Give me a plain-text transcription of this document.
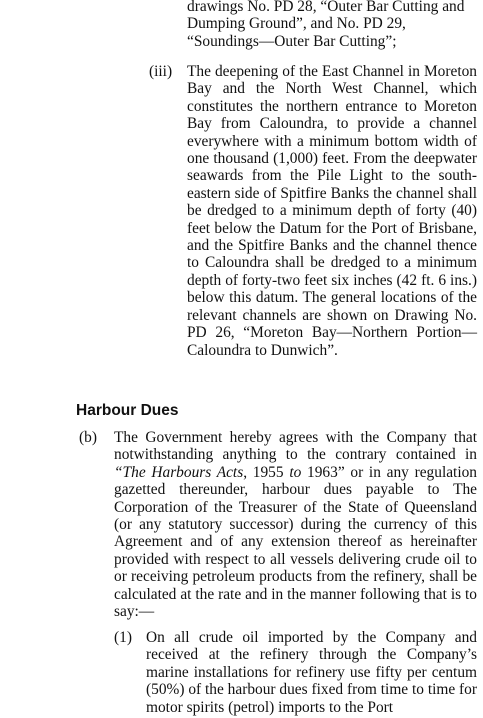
drawings No. PD 28, “Outer Bar Cutting and
Dumping Ground”, and No. PD 29,
“Soundings—Outer Bar Cutting”;

(iii) The deepening of the East Channel in Moreton Bay and the North West Channel, which constitutes the northern entrance to Moreton Bay from Caloundra, to provide a channel everywhere with a minimum bottom width of one thousand (1,000) feet. From the deepwater seawards from the Pile Light to the south-eastern side of Spitfire Banks the channel shall be dredged to a minimum depth of forty (40) feet below the Datum for the Port of Brisbane, and the Spitfire Banks and the channel thence to Caloundra shall be dredged to a minimum depth of forty-two feet six inches (42 ft. 6 ins.) below this datum. The general locations of the relevant channels are shown on Drawing No. PD 26, “Moreton Bay—Northern Portion—Caloundra to Dunwich”.

Harbour Dues

(b) The Government hereby agrees with the Company that notwithstanding anything to the contrary contained in “The Harbours Acts, 1955 to 1963” or in any regulation gazetted thereunder, harbour dues payable to The Corporation of the Treasurer of the State of Queensland (or any statutory successor) during the currency of this Agreement and of any extension thereof as hereinafter provided with respect to all vessels delivering crude oil to or receiving petroleum products from the refinery, shall be calculated at the rate and in the manner following that is to say:—

(1) On all crude oil imported by the Company and received at the refinery through the Company’s marine installations for refinery use fifty per centum (50%) of the harbour dues fixed from time to time for motor spirits (petrol) imports to the Port
